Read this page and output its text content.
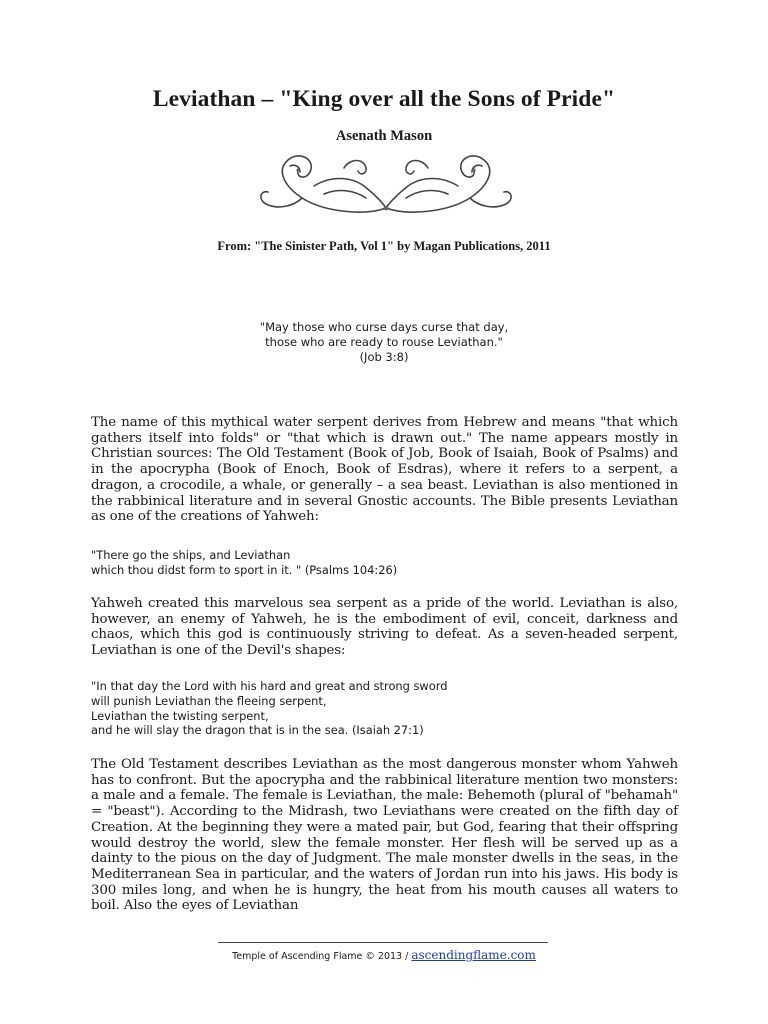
Leviathan – "King over all the Sons of Pride"
Asenath Mason
From: "The Sinister Path, Vol 1" by Magan Publications, 2011
"May those who curse days curse that day,
those who are ready to rouse Leviathan."
(Job 3:8)
The name of this mythical water serpent derives from Hebrew and means "that which gathers itself into folds" or "that which is drawn out." The name appears mostly in Christian sources: The Old Testament (Book of Job, Book of Isaiah, Book of Psalms) and in the apocrypha (Book of Enoch, Book of Esdras), where it refers to a serpent, a dragon, a crocodile, a whale, or generally – a sea beast. Leviathan is also mentioned in the rabbinical literature and in several Gnostic accounts. The Bible presents Leviathan as one of the creations of Yahweh:
"There go the ships, and Leviathan
which thou didst form to sport in it. " (Psalms 104:26)
Yahweh created this marvelous sea serpent as a pride of the world. Leviathan is also, however, an enemy of Yahweh, he is the embodiment of evil, conceit, darkness and chaos, which this god is continuously striving to defeat. As a seven-headed serpent, Leviathan is one of the Devil's shapes:
"In that day the Lord with his hard and great and strong sword
will punish Leviathan the fleeing serpent,
Leviathan the twisting serpent,
and he will slay the dragon that is in the sea. (Isaiah 27:1)
The Old Testament describes Leviathan as the most dangerous monster whom Yahweh has to confront. But the apocrypha and the rabbinical literature mention two monsters: a male and a female. The female is Leviathan, the male: Behemoth (plural of "behamah" = "beast"). According to the Midrash, two Leviathans were created on the fifth day of Creation. At the beginning they were a mated pair, but God, fearing that their offspring would destroy the world, slew the female monster. Her flesh will be served up as a dainty to the pious on the day of Judgment. The male monster dwells in the seas, in the Mediterranean Sea in particular, and the waters of Jordan run into his jaws. His body is 300 miles long, and when he is hungry, the heat from his mouth causes all waters to boil. Also the eyes of Leviathan
Temple of Ascending Flame © 2013 / ascendingflame.com
